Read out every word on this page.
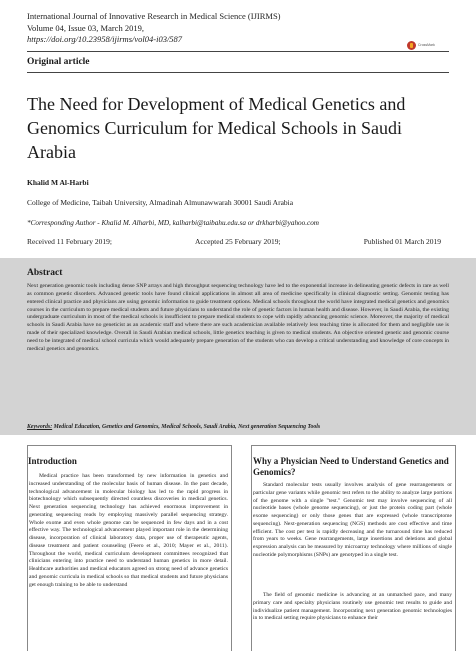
International Journal of Innovative Research in Medical Science (IJIRMS)
Volume 04, Issue 03, March 2019,
https://doi.org/10.23958/ijirms/vol04-i03/587
CrossMark
Original article
The Need for Development of Medical Genetics and Genomics Curriculum for Medical Schools in Saudi Arabia
Khalid M Al-Harbi
College of Medicine, Taibah University, Almadinah Almunawwarah 30001 Saudi Arabia
*Corresponding Author - Khalid M. Alharbi, MD, kalharbi@taibahu.edu.sa or drkharbi@yahoo.com
Received 11 February 2019;	Accepted 25 February 2019;	Published 01 March 2019
Abstract
Next generation genomic tools including dense SNP arrays and high throughput sequencing technology have led to the exponential increase in delineating genetic defects in rare as well as common genetic disorders. Advanced genetic tools have found clinical applications in almost all area of medicine specifically in clinical diagnostic setting. Genomic testing has entered clinical practice and physicians are using genomic information to guide treatment options. Medical schools throughout the world have integrated medical genetics and genomics courses in the curriculum to prepare medical students and future physicians to understand the role of genetic factors in human health and disease. However, in Saudi Arabia, the existing undergraduate curriculum in most of the medical schools is insufficient to prepare medical students to cope with rapidly advancing genomic science. Moreover, the majority of medical schools in Saudi Arabia have no geneticist as an academic staff and where there are such academician available relatively less teaching time is allocated for them and negligible use is made of their specialized knowledge. Overall in Saudi Arabian medical schools, little genetics teaching is given to medical students. An objective oriented genetic and genomic course need to be integrated of medical school curricula which would adequately prepare generation of the students who can develop a critical understanding and knowledge of core concepts in medical genetics and genomics.
Keywords: Medical Education, Genetics and Genomics, Medical Schools, Saudi Arabia, Next generation Sequencing Tools
Introduction
Medical practice has been transformed by new information in genetics and increased understanding of the molecular basis of human disease. In the past decade, technological advancement in molecular biology has led to the rapid progress in biotechnology which subsequently directed countless discoveries in medical genetics. Next generation sequencing technology has achieved enormous improvement in generating sequencing reads by employing massively parallel sequencing strategy. Whole exome and even whole genome can be sequenced in few days and in a cost effective way. The technological advancement played important role in the determining disease, incorporation of clinical laboratory data, proper use of therapeutic agents, disease treatment and patient counseling (Feero et al., 2010; Mayer et al., 2011). Throughout the world, medical curriculum development committees recognized that clinicians entering into practice need to understand human genetics in more detail. Healthcare authorities and medical educators agreed on strong need of advance genetics and genomic curricula in medical schools so that medical students and future physicians get enough training to be able to understand
Why a Physician Need to Understand Genetics and Genomics?
Standard molecular tests usually involves analysis of gene rearrangements or particular gene variants while genomic test refers to the ability to analyze large portions of the genome with a single "test." Genomic test may involve sequencing of all nucleotide bases (whole genome sequencing), or just the protein coding part (whole exome sequencing) or only those genes that are expressed (whole transcriptome sequencing). Next-generation sequencing (NGS) methods are cost effective and time efficient. The cost per test is rapidly decreasing and the turnaround time has reduced from years to weeks. Gene rearrangements, large insertions and deletions and global expression analysis can be measured by microarray technology where millions of single nucleotide polymorphisms (SNPs) are genotyped in a single test.
The field of genomic medicine is advancing at an unmatched pace, and many primary care and specialty physicians routinely use genomic test results to guide and individualize patient management. Incorporating next generation genomic technologies in to medical setting require physicians to enhance their
